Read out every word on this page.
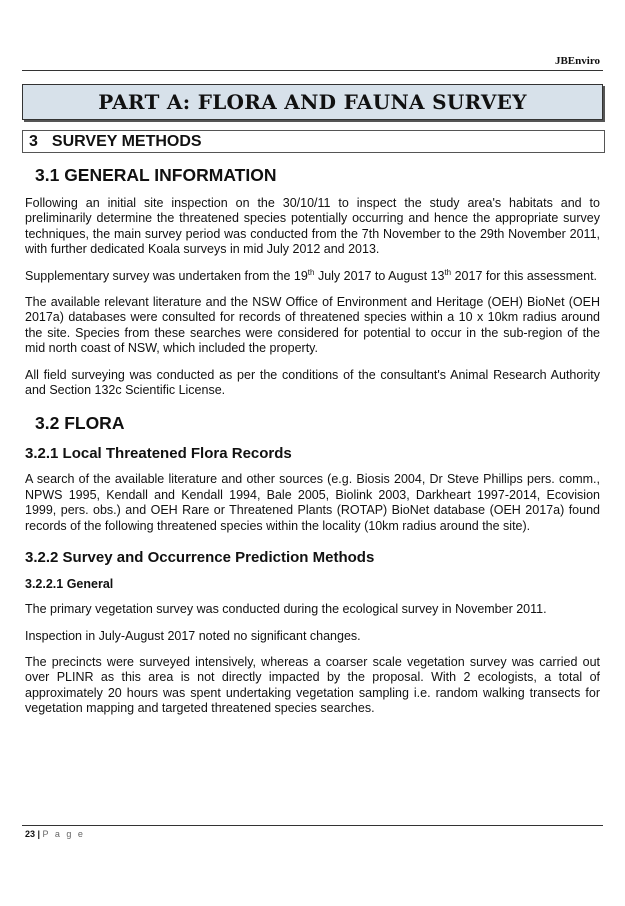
JBEnviro
PART A: FLORA AND FAUNA SURVEY
3 SURVEY METHODS
3.1 GENERAL INFORMATION

Following an initial site inspection on the 30/10/11 to inspect the study area's habitats and to preliminarily determine the threatened species potentially occurring and hence the appropriate survey techniques, the main survey period was conducted from the 7th November to the 29th November 2011, with further dedicated Koala surveys in mid July 2012 and 2013.

Supplementary survey was undertaken from the 19th July 2017 to August 13th 2017 for this assessment.

The available relevant literature and the NSW Office of Environment and Heritage (OEH) BioNet (OEH 2017a) databases were consulted for records of threatened species within a 10 x 10km radius around the site. Species from these searches were considered for potential to occur in the sub-region of the mid north coast of NSW, which included the property.

All field surveying was conducted as per the conditions of the consultant's Animal Research Authority and Section 132c Scientific License.

3.2 FLORA
3.2.1 Local Threatened Flora Records

A search of the available literature and other sources (e.g. Biosis 2004, Dr Steve Phillips pers. comm., NPWS 1995, Kendall and Kendall 1994, Bale 2005, Biolink 2003, Darkheart 1997-2014, Ecovision 1999, pers. obs.) and OEH Rare or Threatened Plants (ROTAP) BioNet database (OEH 2017a) found records of the following threatened species within the locality (10km radius around the site).

3.2.2 Survey and Occurrence Prediction Methods
3.2.2.1 General

The primary vegetation survey was conducted during the ecological survey in November 2011.

Inspection in July-August 2017 noted no significant changes.

The precincts were surveyed intensively, whereas a coarser scale vegetation survey was carried out over PLINR as this area is not directly impacted by the proposal. With 2 ecologists, a total of approximately 20 hours was spent undertaking vegetation sampling i.e. random walking transects for vegetation mapping and targeted threatened species searches.

23 | P a g e
